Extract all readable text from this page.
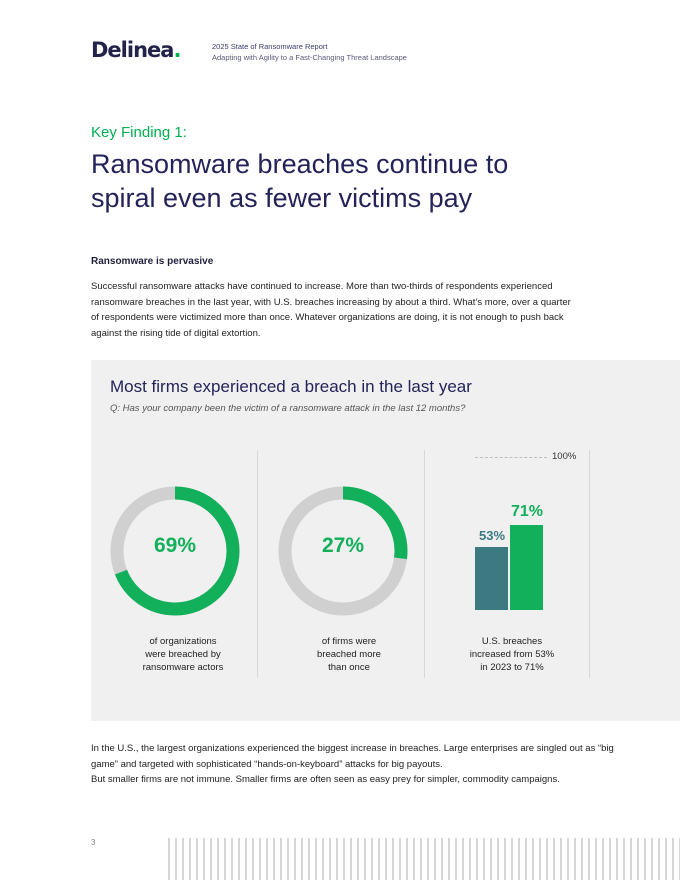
Delinea.	2025 State of Ransomware Report
Adapting with Agility to a Fast-Changing Threat Landscape
Key Finding 1:
Ransomware breaches continue to
spiral even as fewer victims pay
Ransomware is pervasive

Successful ransomware attacks have continued to increase. More than two-thirds of respondents experienced ransomware breaches in the last year, with U.S. breaches increasing by about a third. What’s more, over a quarter of respondents were victimized more than once. Whatever organizations are doing, it is not enough to push back against the rising tide of digital extortion.

Most firms experienced a breach in the last year
Q: Has your company been the victim of a ransomware attack in the last 12 months?
69%
of organizations
were breached by
ransomware actors
27%
of firms were
breached more
than once
100%
53%
71%
U.S. breaches
increased from 53%
in 2023 to 71%
In the U.S., the largest organizations experienced the biggest increase in breaches. Large enterprises are singled out as “big game” and targeted with sophisticated “hands-on-keyboard” attacks for big payouts.
But smaller firms are not immune. Smaller firms are often seen as easy prey for simpler, commodity campaigns.
3
